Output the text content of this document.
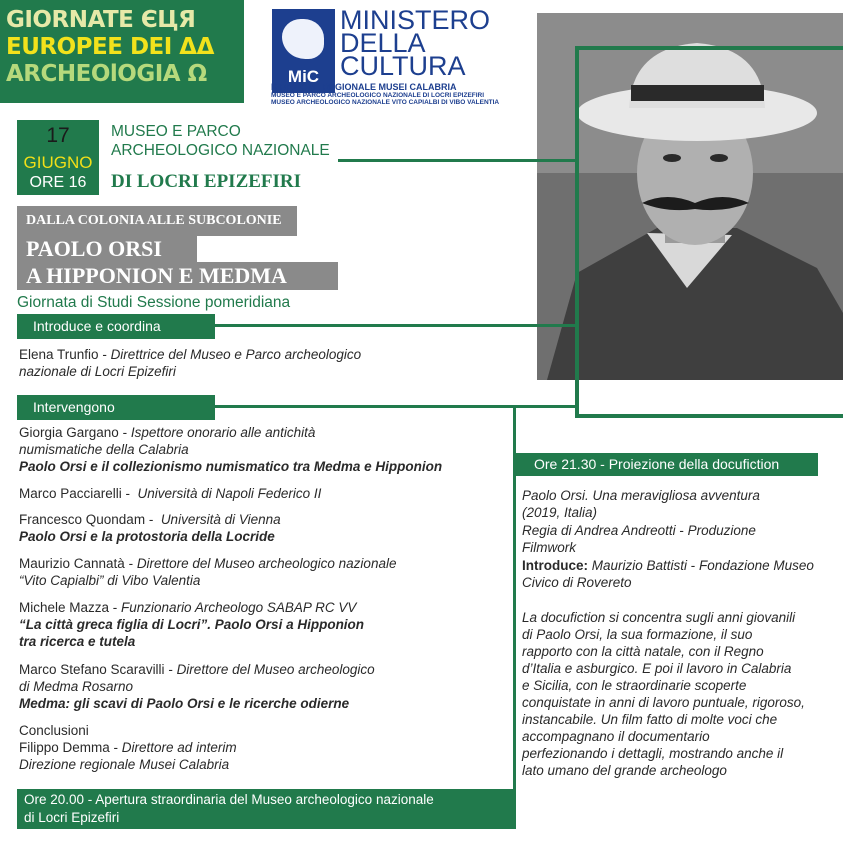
GIORNATE ЄЦЯ
EUROPEE DEI ΔΔ
ARCHEOlOGIA Ω	MiC
MINISTERO
DELLA
CULTURA
DIREZIONE REGIONALE MUSEI CALABRIA
MUSEO E PARCO ARCHEOLOGICO NAZIONALE DI LOCRI EPIZEFIRI
MUSEO ARCHEOLOGICO NAZIONALE VITO CAPIALBI DI VIBO VALENTIA
17
GIUGNO
ORE 16
MUSEO E PARCO
ARCHEOLOGICO NAZIONALE
DI LOCRI EPIZEFIRI
DALLA COLONIA ALLE SUBCOLONIE
PAOLO ORSI
A HIPPONION E MEDMA
Giornata di Studi Sessione pomeridiana
Introduce e coordina
Elena Trunfio - Direttrice del Museo e Parco archeologico
nazionale di Locri Epizefiri
Intervengono
Giorgia Gargano - Ispettore onorario alle antichità
numismatiche della Calabria
Paolo Orsi e il collezionismo numismatico tra Medma e Hipponion
Marco Pacciarelli -  Università di Napoli Federico II
Francesco Quondam -  Università di Vienna
Paolo Orsi e la protostoria della Locride
Maurizio Cannatà - Direttore del Museo archeologico nazionale
“Vito Capialbi” di Vibo Valentia
Michele Mazza - Funzionario Archeologo SABAP RC VV
“La città greca figlia di Locri”. Paolo Orsi a Hipponion
tra ricerca e tutela
Marco Stefano Scaravilli - Direttore del Museo archeologico
di Medma Rosarno
Medma: gli scavi di Paolo Orsi e le ricerche odierne
Conclusioni
Filippo Demma - Direttore ad interim
Direzione regionale Musei Calabria
Ore 20.00 - Apertura straordinaria del Museo archeologico nazionale
di Locri Epizefiri
Ore 21.30 - Proiezione della docufiction
Paolo Orsi. Una meravigliosa avventura
(2019, Italia)
Regia di Andrea Andreotti - Produzione
Filmwork
Introduce: Maurizio Battisti - Fondazione Museo
Civico di Rovereto
La docufiction si concentra sugli anni giovanili
di Paolo Orsi, la sua formazione, il suo
rapporto con la città natale, con il Regno
d’Italia e asburgico. E poi il lavoro in Calabria
e Sicilia, con le straordinarie scoperte
conquistate in anni di lavoro puntuale, rigoroso,
instancabile. Un film fatto di molte voci che
accompagnano il documentario
perfezionando i dettagli, mostrando anche il
lato umano del grande archeologo
